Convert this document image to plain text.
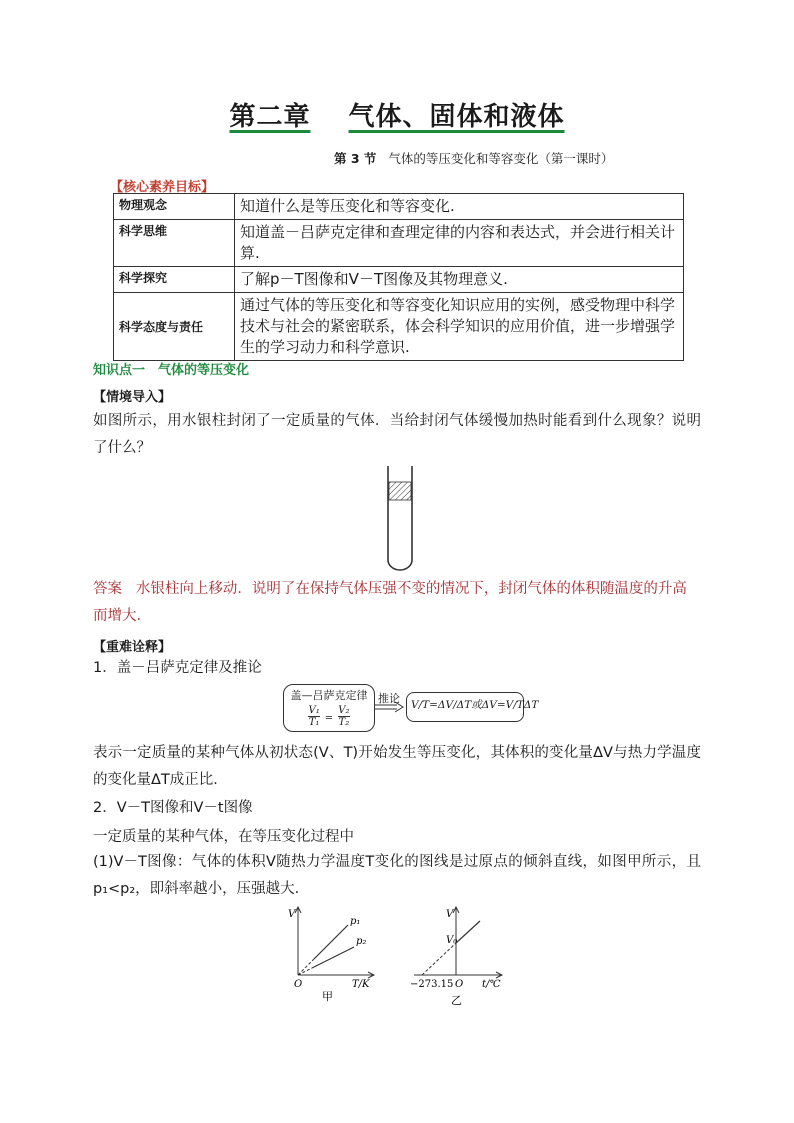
第二章 气体、固体和液体
第 3 节 气体的等压变化和等容变化（第一课时）
【核心素养目标】
物理观念	知道什么是等压变化和等容变化.
科学思维	知道盖－吕萨克定律和查理定律的内容和表达式，并会进行相关计算.
科学探究	了解p－T图像和V－T图像及其物理意义.
科学态度与责任	通过气体的等压变化和等容变化知识应用的实例，感受物理中科学技术与社会的紧密联系，体会科学知识的应用价值，进一步增强学生的学习动力和科学意识.
知识点一　气体的等压变化
【情境导入】
如图所示，用水银柱封闭了一定质量的气体．当给封闭气体缓慢加热时能看到什么现象？说明了什么？
答案 水银柱向上移动．说明了在保持气体压强不变的情况下，封闭气体的体积随温度的升高而增大．
【重难诠释】
1．盖－吕萨克定律及推论
盖—吕萨克定律
$\frac{\text{V₁}}{\text{T₁}} = \frac{\text{V₂}}{\text{T₂}}$
推论 V/T=ΔV/ΔT或ΔV=V/TΔT
表示一定质量的某种气体从初状态(V、T)开始发生等压变化，其体积的变化量ΔV与热力学温度的变化量ΔT成正比．
2．V－T图像和V－t图像
一定质量的某种气体，在等压变化过程中
(1)V－T图像：气体的体积V随热力学温度T变化的图线是过原点的倾斜直线，如图甲所示，且p₁<p₂，即斜率越小，压强越大．
V
O	T/K
p₁
p₂
甲
V
V₀
−273.15 O t/℃
乙
